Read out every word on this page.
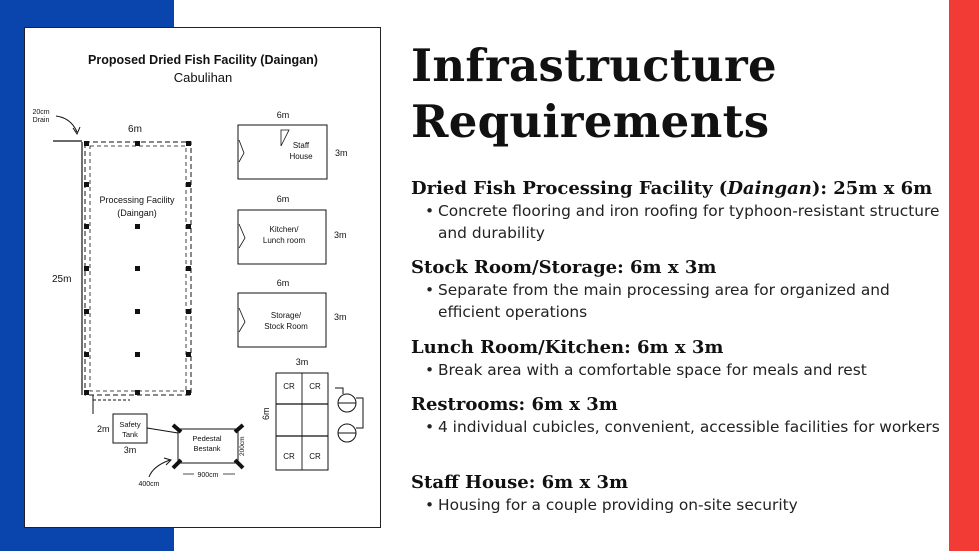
Proposed Dried Fish Facility (Daingan)
Cabulihan
20cm
Drain
6m
25m
Processing Facility
(Daingan)
6m
Staff
House 3m
6m
Kitchen/
Lunch room
3m
6m
Storage/
Stock Room
3m
3m
6m
CR CR
CR CR
Safety
Tank
2m
3m
Pedestal
Bestank	200cm
900cm
400cm
Infrastructure
Requirements
Dried Fish Processing Facility (Daingan): 25m x 6m
• Concrete flooring and iron roofing for typhoon-resistant structure and durability
Stock Room/Storage: 6m x 3m
• Separate from the main processing area for organized and efficient operations
Lunch Room/Kitchen: 6m x 3m
• Break area with a comfortable space for meals and rest
Restrooms: 6m x 3m
• 4 individual cubicles, convenient, accessible facilities for workers
Staff House: 6m x 3m
• Housing for a couple providing on-site security
